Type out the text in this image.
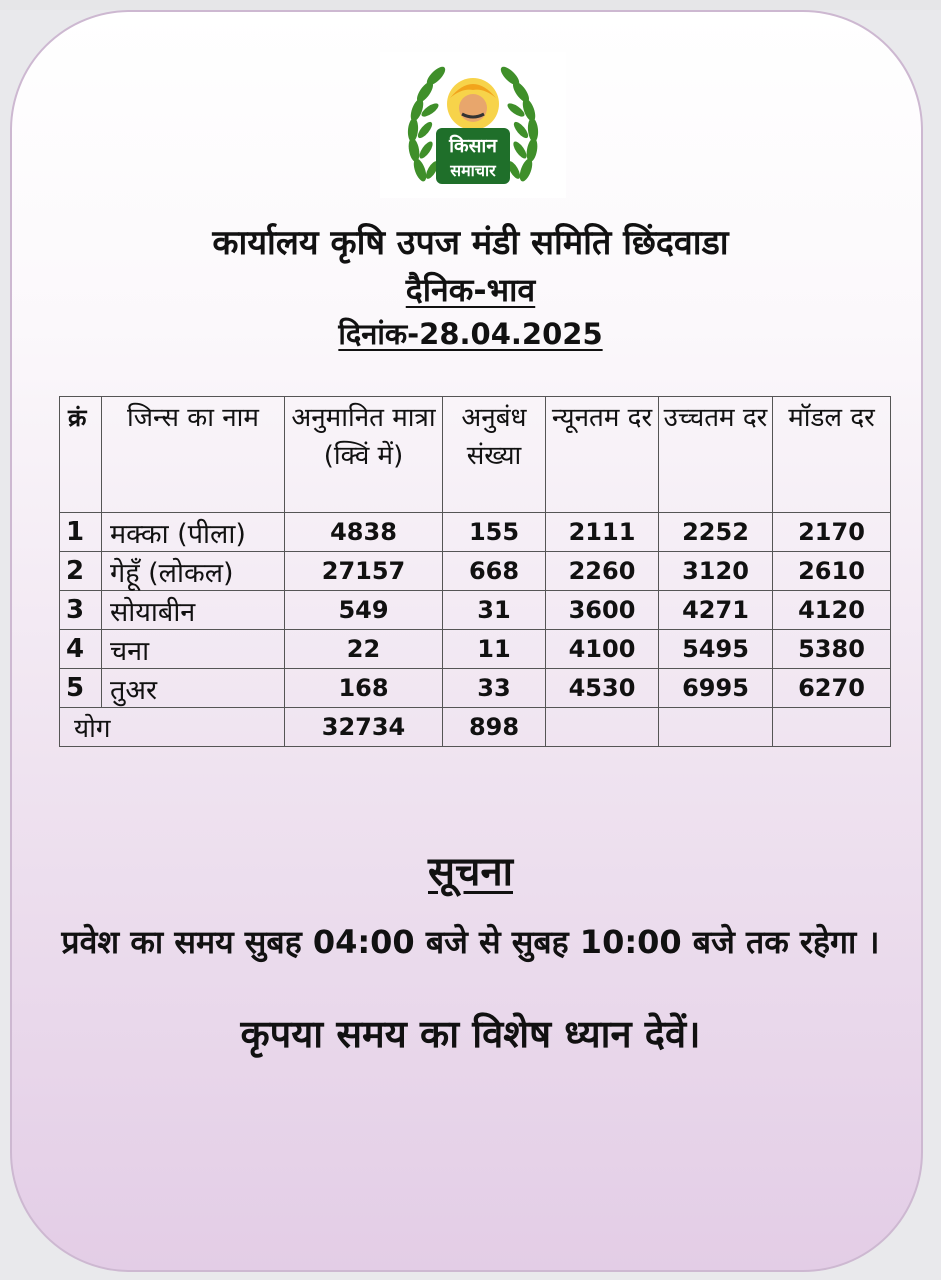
किसान
समाचार
कार्यालय कृषि उपज मंडी समिति छिंदवाडा
दैनिक-भाव
दिनांक-28.04.2025
क्रं	जिन्स का नाम	अनुमानित मात्रा (क्विं में)	अनुबंध संख्या	न्यूनतम दर	उच्चतम दर	मॉडल दर
1	मक्का (पीला)	4838	155	2111	2252	2170
2	गेहूँ (लोकल)	27157	668	2260	3120	2610
3	सोयाबीन	549	31	3600	4271	4120
4	चना	22	11	4100	5495	5380
5	तुअर	168	33	4530	6995	6270
योग		32734	898			
सूचना
प्रवेश का समय सुबह 04:00 बजे से सुबह 10:00 बजे तक रहेगा ।
कृपया समय का विशेष ध्यान देवें।
